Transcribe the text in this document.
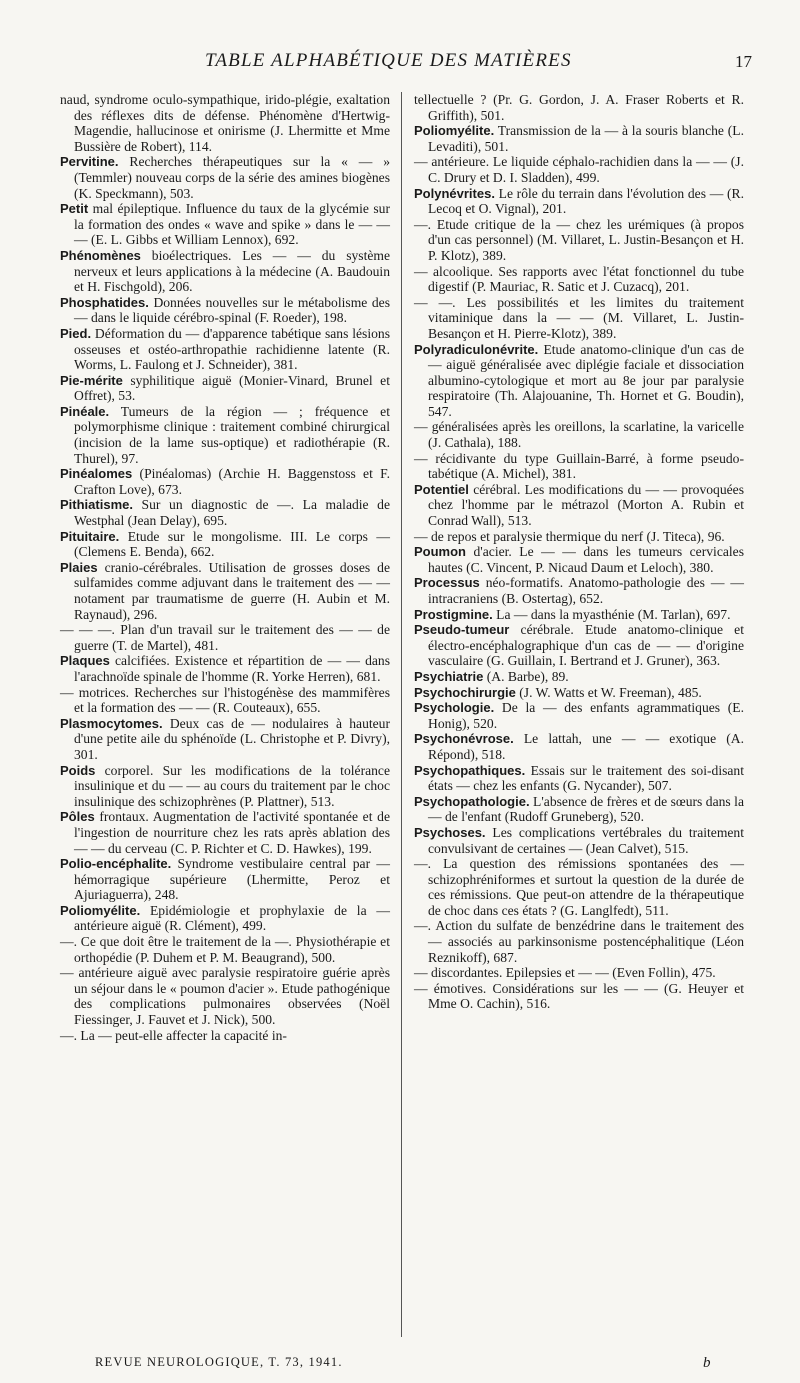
TABLE ALPHABÉTIQUE DES MATIÈRES	17

naud, syndrome oculo-sympathique, irido-plégie, exaltation des réflexes dits de défense. Phénomène d'Hertwig-Magendie, hallucinose et onirisme (J. Lhermitte et Mme Bussière de Robert), 114.

Pervitine. Recherches thérapeutiques sur la « — » (Temmler) nouveau corps de la série des amines biogènes (K. Speckmann), 503.

Petit mal épileptique. Influence du taux de la glycémie sur la formation des ondes « wave and spike » dans le — — — (E. L. Gibbs et William Lennox), 692.

Phénomènes bioélectriques. Les — — du système nerveux et leurs applications à la médecine (A. Baudouin et H. Fischgold), 206.

Phosphatides. Données nouvelles sur le métabolisme des — dans le liquide cérébro-spinal (F. Roeder), 198.

Pied. Déformation du — d'apparence tabétique sans lésions osseuses et ostéo-arthropathie rachidienne latente (R. Worms, L. Faulong et J. Schneider), 381.

Pie-mérite syphilitique aiguë (Monier-Vinard, Brunel et Offret), 53.

Pinéale. Tumeurs de la région — ; fréquence et polymorphisme clinique : traitement combiné chirurgical (incision de la lame sus-optique) et radiothérapie (R. Thurel), 97.

Pinéalomes (Pinéalomas) (Archie H. Baggenstoss et F. Crafton Love), 673.

Pithiatisme. Sur un diagnostic de —. La maladie de Westphal (Jean Delay), 695.

Pituitaire. Etude sur le mongolisme. III. Le corps — (Clemens E. Benda), 662.

Plaies cranio-cérébrales. Utilisation de grosses doses de sulfamides comme adjuvant dans le traitement des — — notament par traumatisme de guerre (H. Aubin et M. Raynaud), 296.

— — —. Plan d'un travail sur le traitement des — — de guerre (T. de Martel), 481.

Plaques calcifiées. Existence et répartition de — — dans l'arachnoïde spinale de l'homme (R. Yorke Herren), 681.

— motrices. Recherches sur l'histogénèse des mammifères et la formation des — — (R. Couteaux), 655.

Plasmocytomes. Deux cas de — nodulaires à hauteur d'une petite aile du sphénoïde (L. Christophe et P. Divry), 301.

Poids corporel. Sur les modifications de la tolérance insulinique et du — — au cours du traitement par le choc insulinique des schizophrènes (P. Plattner), 513.

Pôles frontaux. Augmentation de l'activité spontanée et de l'ingestion de nourriture chez les rats après ablation des — — du cerveau (C. P. Richter et C. D. Hawkes), 199.

Polio-encéphalite. Syndrome vestibulaire central par — hémorragique supérieure (Lhermitte, Peroz et Ajuriaguerra), 248.

Poliomyélite. Epidémiologie et prophylaxie de la — antérieure aiguë (R. Clément), 499.

—. Ce que doit être le traitement de la —. Physiothérapie et orthopédie (P. Duhem et P. M. Beaugrand), 500.

— antérieure aiguë avec paralysie respiratoire guérie après un séjour dans le « poumon d'acier ». Etude pathogénique des complications pulmonaires observées (Noël Fiessinger, J. Fauvet et J. Nick), 500.

—. La — peut-elle affecter la capacité in-

tellectuelle ? (Pr. G. Gordon, J. A. Fraser Roberts et R. Griffith), 501.

Poliomyélite. Transmission de la — à la souris blanche (L. Levaditi), 501.

— antérieure. Le liquide céphalo-rachidien dans la — — (J. C. Drury et D. I. Sladden), 499.

Polynévrites. Le rôle du terrain dans l'évolution des — (R. Lecoq et O. Vignal), 201.

—. Etude critique de la — chez les urémiques (à propos d'un cas personnel) (M. Villaret, L. Justin-Besançon et H. P. Klotz), 389.

— alcoolique. Ses rapports avec l'état fonctionnel du tube digestif (P. Mauriac, R. Satic et J. Cuzacq), 201.

— —. Les possibilités et les limites du traitement vitaminique dans la — — (M. Villaret, L. Justin-Besançon et H. Pierre-Klotz), 389.

Polyradiculonévrite. Etude anatomo-clinique d'un cas de — aiguë généralisée avec diplégie faciale et dissociation albumino-cytologique et mort au 8e jour par paralysie respiratoire (Th. Alajouanine, Th. Hornet et G. Boudin), 547.

— généralisées après les oreillons, la scarlatine, la varicelle (J. Cathala), 188.

— récidivante du type Guillain-Barré, à forme pseudo-tabétique (A. Michel), 381.

Potentiel cérébral. Les modifications du — — provoquées chez l'homme par le métrazol (Morton A. Rubin et Conrad Wall), 513.

— de repos et paralysie thermique du nerf (J. Titeca), 96.

Poumon d'acier. Le — — dans les tumeurs cervicales hautes (C. Vincent, P. Nicaud Daum et Leloch), 380.

Processus néo-formatifs. Anatomo-pathologie des — — intracraniens (B. Ostertag), 652.

Prostigmine. La — dans la myasthénie (M. Tarlan), 697.

Pseudo-tumeur cérébrale. Etude anatomo-clinique et électro-encéphalographique d'un cas de — — d'origine vasculaire (G. Guillain, I. Bertrand et J. Gruner), 363.

Psychiatrie (A. Barbe), 89.

Psychochirurgie (J. W. Watts et W. Freeman), 485.

Psychologie. De la — des enfants agrammatiques (E. Honig), 520.

Psychonévrose. Le lattah, une — — exotique (A. Répond), 518.

Psychopathiques. Essais sur le traitement des soi-disant états — chez les enfants (G. Nycander), 507.

Psychopathologie. L'absence de frères et de sœurs dans la — de l'enfant (Rudoff Gruneberg), 520.

Psychoses. Les complications vertébrales du traitement convulsivant de certaines — (Jean Calvet), 515.

—. La question des rémissions spontanées des — schizophréniformes et surtout la question de la durée de ces rémissions. Que peut-on attendre de la thérapeutique de choc dans ces états ? (G. Langlfedt), 511.

—. Action du sulfate de benzédrine dans le traitement des — associés au parkinsonisme postencéphalitique (Léon Reznikoff), 687.

— discordantes. Epilepsies et — — (Even Follin), 475.

— émotives. Considérations sur les — — (G. Heuyer et Mme O. Cachin), 516.

REVUE NEUROLOGIQUE, T. 73, 1941.	b
